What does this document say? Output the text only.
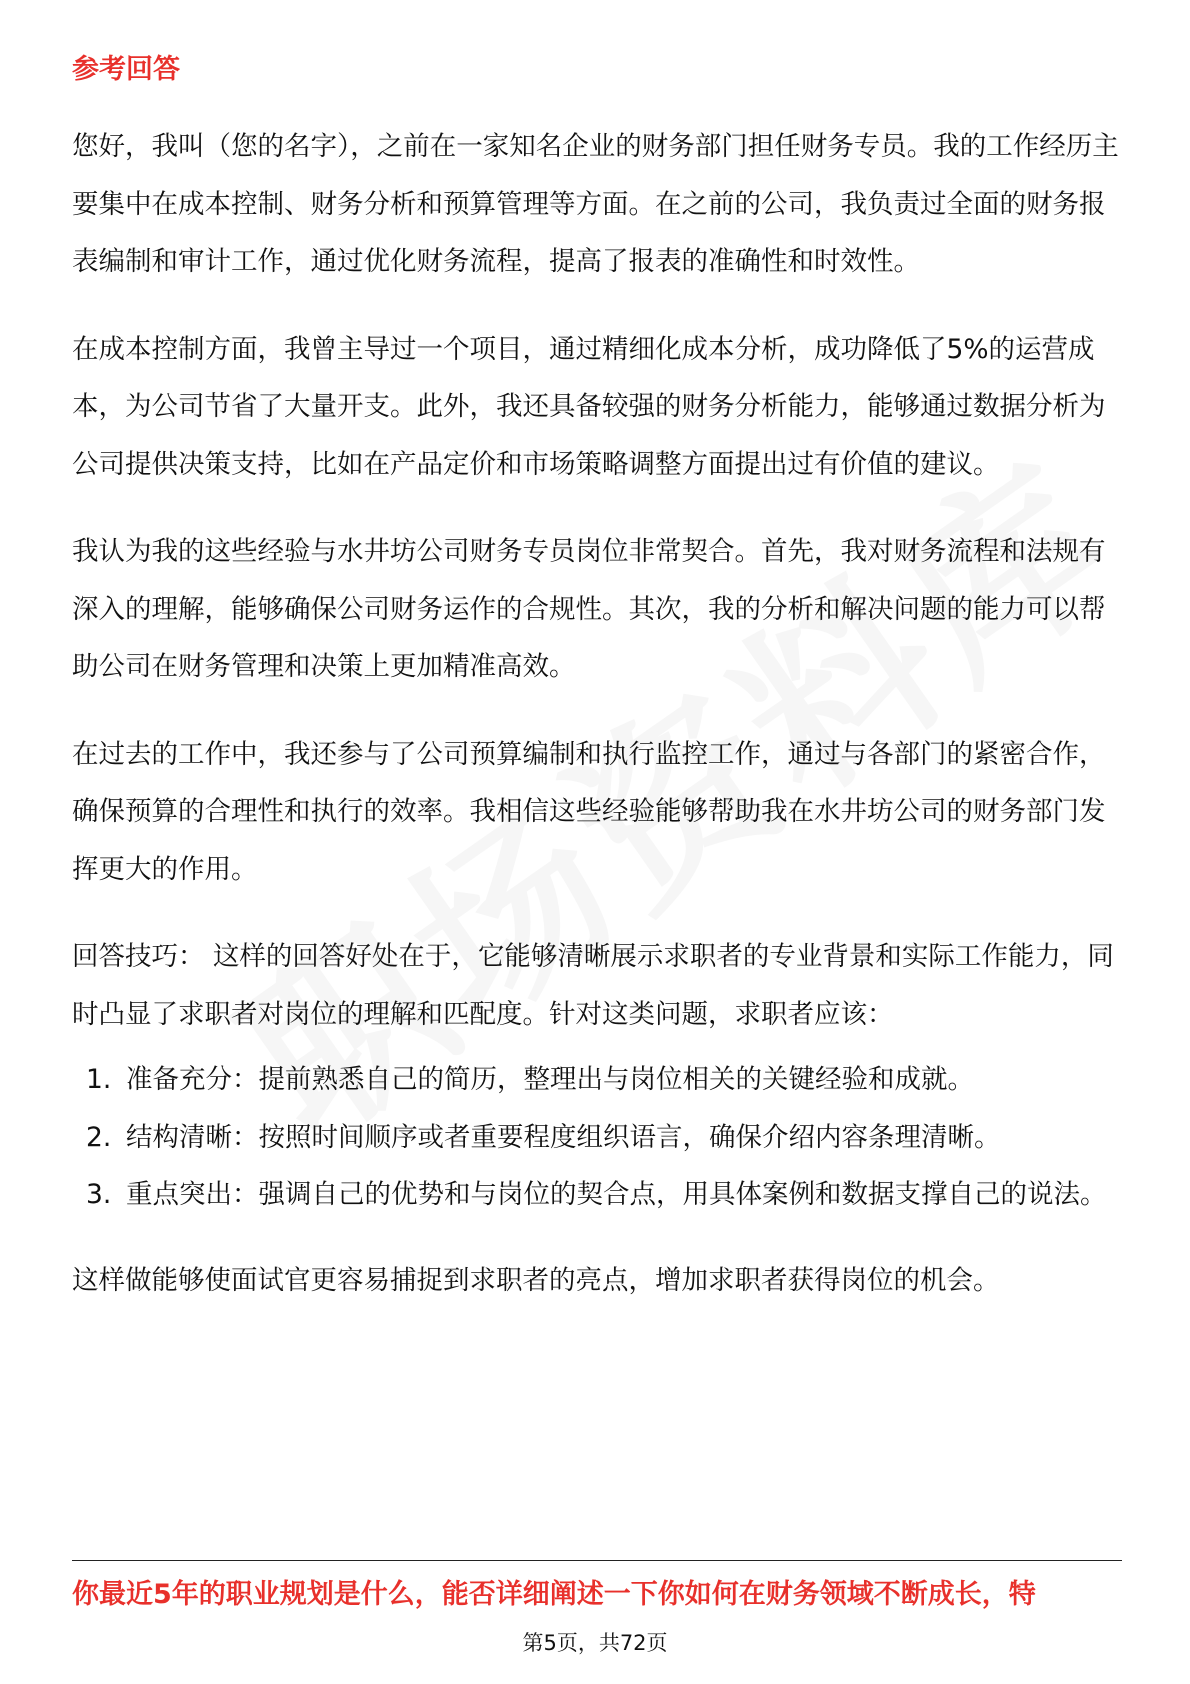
参考回答

您好，我叫（您的名字），之前在一家知名企业的财务部门担任财务专员。我的工作经历主要集中在成本控制、财务分析和预算管理等方面。在之前的公司，我负责过全面的财务报表编制和审计工作，通过优化财务流程，提高了报表的准确性和时效性。

在成本控制方面，我曾主导过一个项目，通过精细化成本分析，成功降低了5%的运营成本，为公司节省了大量开支。此外，我还具备较强的财务分析能力，能够通过数据分析为公司提供决策支持，比如在产品定价和市场策略调整方面提出过有价值的建议。

我认为我的这些经验与水井坊公司财务专员岗位非常契合。首先，我对财务流程和法规有深入的理解，能够确保公司财务运作的合规性。其次，我的分析和解决问题的能力可以帮助公司在财务管理和决策上更加精准高效。

在过去的工作中，我还参与了公司预算编制和执行监控工作，通过与各部门的紧密合作，确保预算的合理性和执行的效率。我相信这些经验能够帮助我在水井坊公司的财务部门发挥更大的作用。

回答技巧： 这样的回答好处在于，它能够清晰展示求职者的专业背景和实际工作能力，同时凸显了求职者对岗位的理解和匹配度。针对这类问题，求职者应该：

1. 准备充分：提前熟悉自己的简历，整理出与岗位相关的关键经验和成就。
2. 结构清晰：按照时间顺序或者重要程度组织语言，确保介绍内容条理清晰。
3. 重点突出：强调自己的优势和与岗位的契合点，用具体案例和数据支撑自己的说法。

这样做能够使面试官更容易捕捉到求职者的亮点，增加求职者获得岗位的机会。

你最近5年的职业规划是什么，能否详细阐述一下你如何在财务领域不断成长，特
第5页，共72页
